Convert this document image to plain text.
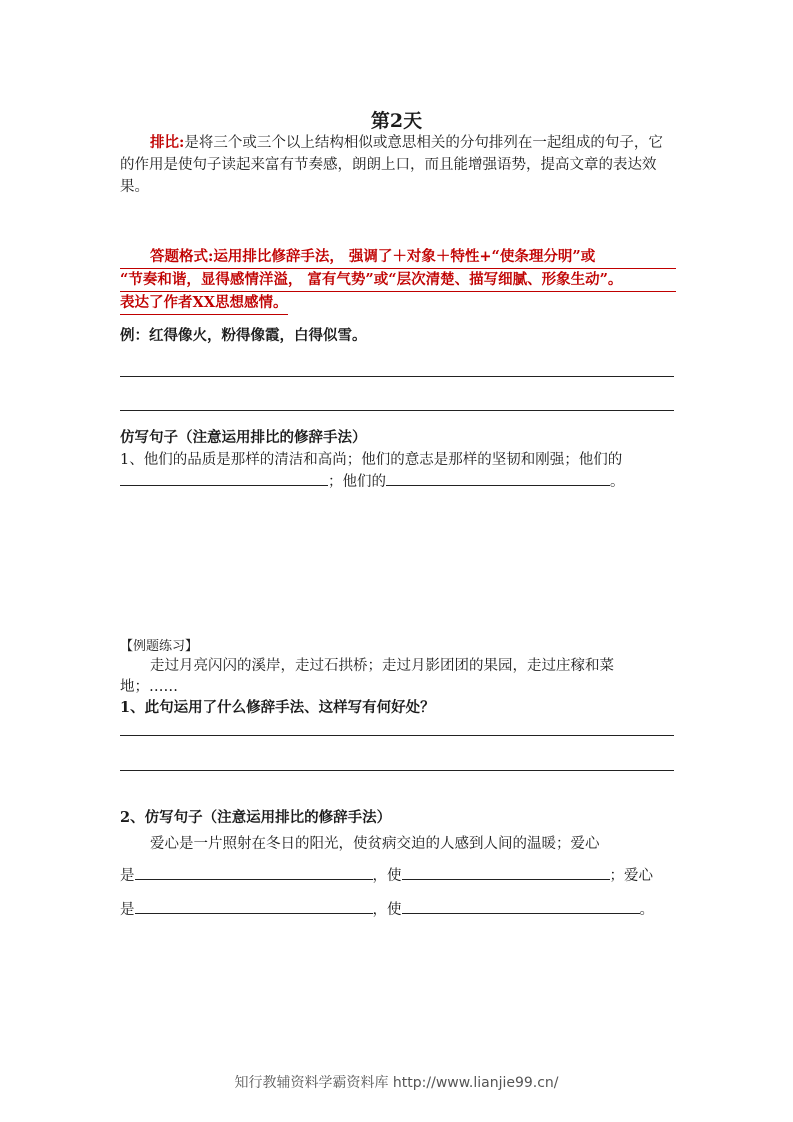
第2天
排比:是将三个或三个以上结构相似或意思相关的分句排列在一起组成的句子，它的作用是使句子读起来富有节奏感，朗朗上口，而且能增强语势，提高文章的表达效果。
答题格式:运用排比修辞手法， 强调了＋对象＋特性+“使条理分明”或
“节奏和谐，显得感情洋溢， 富有气势”或“层次清楚、描写细腻、形象生动”。
表达了作者XX思想感情。
例：红得像火，粉得像霞，白得似雪。
仿写句子（注意运用排比的修辞手法）
1、他们的品质是那样的清洁和高尚；他们的意志是那样的坚韧和刚强；他们的
；他们的	。
【例题练习】
走过月亮闪闪的溪岸，走过石拱桥；走过月影团团的果园，走过庄稼和菜
地；……
1、此句运用了什么修辞手法、这样写有何好处？
2、仿写句子（注意运用排比的修辞手法）
爱心是一片照射在冬日的阳光，使贫病交迫的人感到人间的温暖；爱心
是	，使	；爱心
是	，使	。
知行教辅资料学霸资料库 http://www.lianjie99.cn/
